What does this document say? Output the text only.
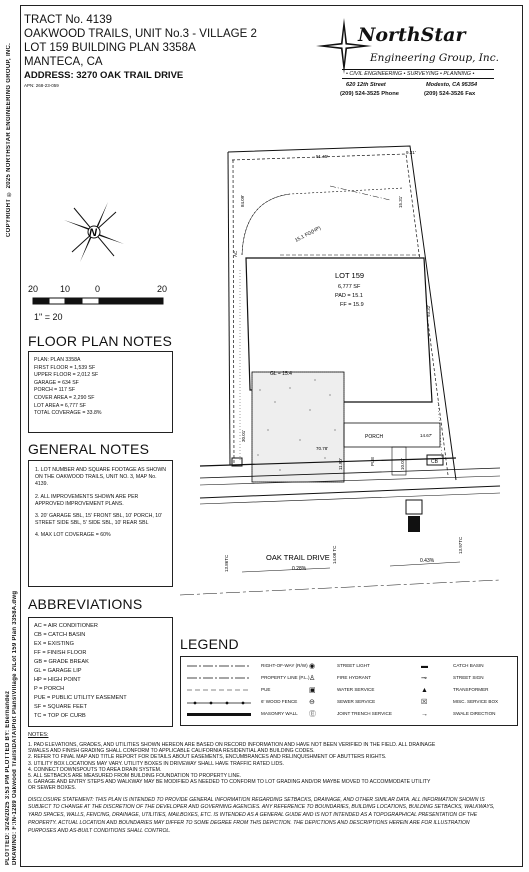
COPYRIGHT © 2025 NORTHSTAR ENGINEERING GROUP, INC.
PLOTTED: 3/24/2025 3:53 PM PLOTTED BY: Ebernandez DRAWING: F:\N-1289 Oakwood Trails\DATA\Plot Plans\Village 2\Lot 159 Plan 3358A.dwg
TRACT No. 4139
OAKWOOD TRAILS, UNIT No.3 - VILLAGE 2
LOT 159 BUILDING PLAN 3358A
MANTECA, CA
ADDRESS: 3270 OAK TRAIL DRIVE
APN: 268-23-059
NorthStar
Engineering Group, Inc.
• CIVIL ENGINEERING • SURVEYING • PLANNING •
620 12th Street	Modesto, CA 95354
(209) 524-3525 Phone	(209) 524-3526 Fax
N
20 10	0	20
1" = 20
FLOOR PLAN NOTES
PLAN: PLAN 3358A
FIRST FLOOR = 1,539 SF
UPPER FLOOR = 2,012 SF
GARAGE = 634 SF
PORCH = 117 SF
COVER AREA = 2,290 SF
LOT AREA = 6,777 SF
TOTAL COVERAGE = 33.8%
GENERAL NOTES
1. LOT NUMBER AND SQUARE FOOTAGE AS SHOWN ON THE OAKWOOD TRAILS, UNIT NO. 3, MAP No. 4139.
2. ALL IMPROVEMENTS SHOWN ARE PER APPROVED IMPROVEMENT PLANS.
3. 20' GARAGE SBL, 15' FRONT SBL, 10' PORCH, 10' STREET SIDE SBL, 5' SIDE SBL, 10' REAR SBL
4. MAX LOT COVERAGE = 60%
ABBREVIATIONS
AC = AIR CONDITIONER
CB = CATCH BASIN
EX = EXISTING
FF = FINISH FLOOR
GB = GRADE BREAK
GL = GARAGE LIP
HP = HIGH POINT
P = PORCH
PUE = PUBLIC UTILITY EASEMENT
SF = SQUARE FEET
TC = TOP OF CURB
LOT 159
6,777 SF
PAD = 15.1
FF = 15.9
GL = 15.4
PORCH
PUE
AC
CB
OAK TRAIL DRIVE
0.28%
0.43%
51.45'
9.31'
93.32'
84.09'
15.1 FG(HP)
15.31'
30.01'
70.78'
11.90'	10.01'
14.67'
13.86TC	14.08 TC
13.97TC
LEGEND
RIGHT-OF-WAY (R/W)
PROPERTY LINE (P.L.)
PUE
6' WOOD FENCE
MASONRY WALL
◉
♙
▣
⊖
Ⓔ
STREET LIGHT
FIRE HYDRANT
WATER SERVICE
SEWER SERVICE
JOINT TRENCH SERVICE
▬
⊸
▲
☒
→
CATCH BASIN
STREET SIGN
TRANSFORMER
MISC. SERVICE BOX
SWALE DIRECTION
NOTES:
1. PAD ELEVATIONS, GRADES, AND UTILITIES SHOWN HEREON ARE BASED ON RECORD INFORMATION AND HAVE NOT BEEN VERIFIED IN THE FIELD. ALL DRAINAGE
SWALES AND FINISH GRADING SHALL CONFORM TO APPLICABLE CALIFORNIA RESIDENTIAL AND BUILDING CODES.
2. REFER TO FINAL MAP AND TITLE REPORT FOR DETAILS ABOUT EASEMENTS, ENCUMBRANCES AND RELINQUISHMENT OF ABUTTERS RIGHTS.
3. UTILITY BOX LOCATIONS MAY VARY. UTILITY BOXES IN DRIVEWAY SHALL HAVE TRAFFIC RATED LIDS.
4. CONNECT DOWNSPOUTS TO AREA DRAIN SYSTEM.
5. ALL SETBACKS ARE MEASURED FROM BUILDING FOUNDATION TO PROPERTY LINE.
6. GARAGE AND ENTRY STEPS AND WALKWAY MAY BE MODIFIED AS NEEDED TO CONFORM TO LOT GRADING AND/OR MAYBE MOVED TO ACCOMMODATE UTILITY
OR SEWER BOXES.
DISCLOSURE STATEMENT: THIS PLAN IS INTENDED TO PROVIDE GENERAL INFORMATION REGARDING SETBACKS, DRAINAGE, AND OTHER SIMILAR DATA. ALL INFORMATION SHOWN IS SUBJECT TO CHANGE AT THE DISCRETION OF THE DEVELOPER AND GOVERNING AGENCIES. ANY REFERENCE TO BOUNDARIES, BUILDING LOCATIONS, BUILDING SETBACKS, WALKWAYS, YARD SPACES, WALLS, FENCING, DRAINAGE, UTILITIES, MAILBOXES, ETC. IS INTENDED AS A GENERAL GUIDE AND IS NOT INTENDED AS A TOPOGRAPHICAL PRESENTATION OF THE PROPERTY. ACTUAL LOCATION AND BOUNDARIES MAY DIFFER TO SOME DEGREE FROM THIS DEPICTION. THE DEPICTIONS AND DESCRIPTIONS HEREIN ARE FOR ILLUSTRATION PURPOSES AND AS-BUILT CONDITIONS SHALL CONTROL.
